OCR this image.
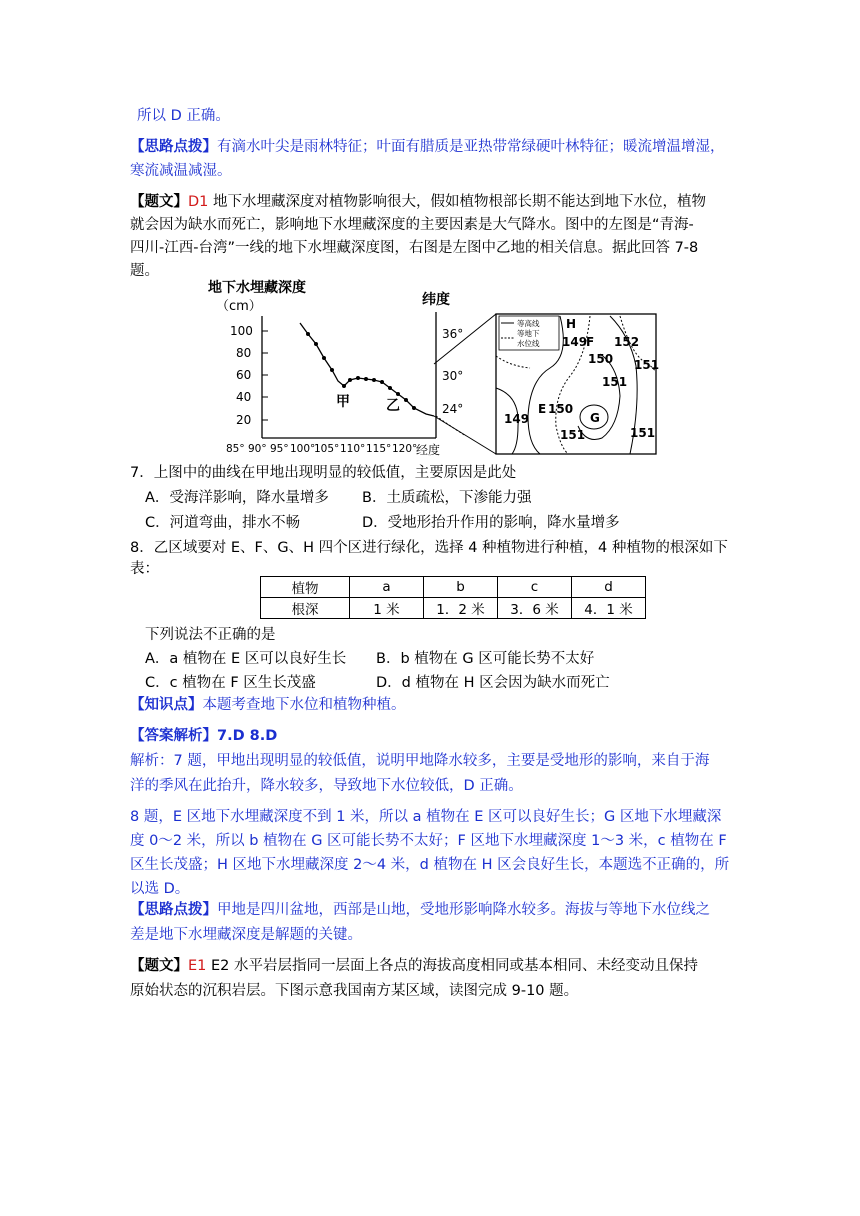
所以 D 正确。
【思路点拨】有滴水叶尖是雨林特征；叶面有腊质是亚热带常绿硬叶林特征；暖流增温增湿，
寒流减温减湿。
【题文】D1 地下水埋藏深度对植物影响很大，假如植物根部长期不能达到地下水位，植物
就会因为缺水而死亡，影响地下水埋藏深度的主要因素是大气降水。图中的左图是“青海-
四川-江西-台湾”一线的地下水埋藏深度图，右图是左图中乙地的相关信息。据此回答 7-8
题。
地下水埋藏深度
（cm）
100
80
60
40
20
85° 90° 95° 100°
105° 110° 115° 120°
经度
甲	乙
纬度
36°
30°
24°
等高线
等地下
水位线
H
149
F 152
150 151
151
149
E 150
G
151	151
7．上图中的曲线在甲地出现明显的较低值，主要原因是此处
A．受海洋影响，降水量增多 B．土质疏松，下渗能力强
C．河道弯曲，排水不畅	D．受地形抬升作用的影响，降水量增多
8．乙区域要对 E、F、G、H 四个区进行绿化，选择 4 种植物进行种植，4 种植物的根深如下
表：
植物	a	b	c	d
根深	1 米	1．2 米	3．6 米	4．1 米
下列说法不正确的是
A．a 植物在 E 区可以良好生长 B．b 植物在 G 区可能长势不太好
C．c 植物在 F 区生长茂盛	D．d 植物在 H 区会因为缺水而死亡
【知识点】本题考查地下水位和植物种植。
【答案解析】7.D 8.D
解析：7 题，甲地出现明显的较低值，说明甲地降水较多，主要是受地形的影响，来自于海
洋的季风在此抬升，降水较多，导致地下水位较低，D 正确。
8 题，E 区地下水埋藏深度不到 1 米，所以 a 植物在 E 区可以良好生长；G 区地下水埋藏深
度 0～2 米，所以 b 植物在 G 区可能长势不太好；F 区地下水埋藏深度 1～3 米，c 植物在 F
区生长茂盛；H 区地下水埋藏深度 2～4 米，d 植物在 H 区会良好生长，本题选不正确的，所
以选 D。
【思路点拨】甲地是四川盆地，西部是山地，受地形影响降水较多。海拔与等地下水位线之
差是地下水埋藏深度是解题的关键。
【题文】E1 E2 水平岩层指同一层面上各点的海拔高度相同或基本相同、未经变动且保持
原始状态的沉积岩层。下图示意我国南方某区域，读图完成 9-10 题。
